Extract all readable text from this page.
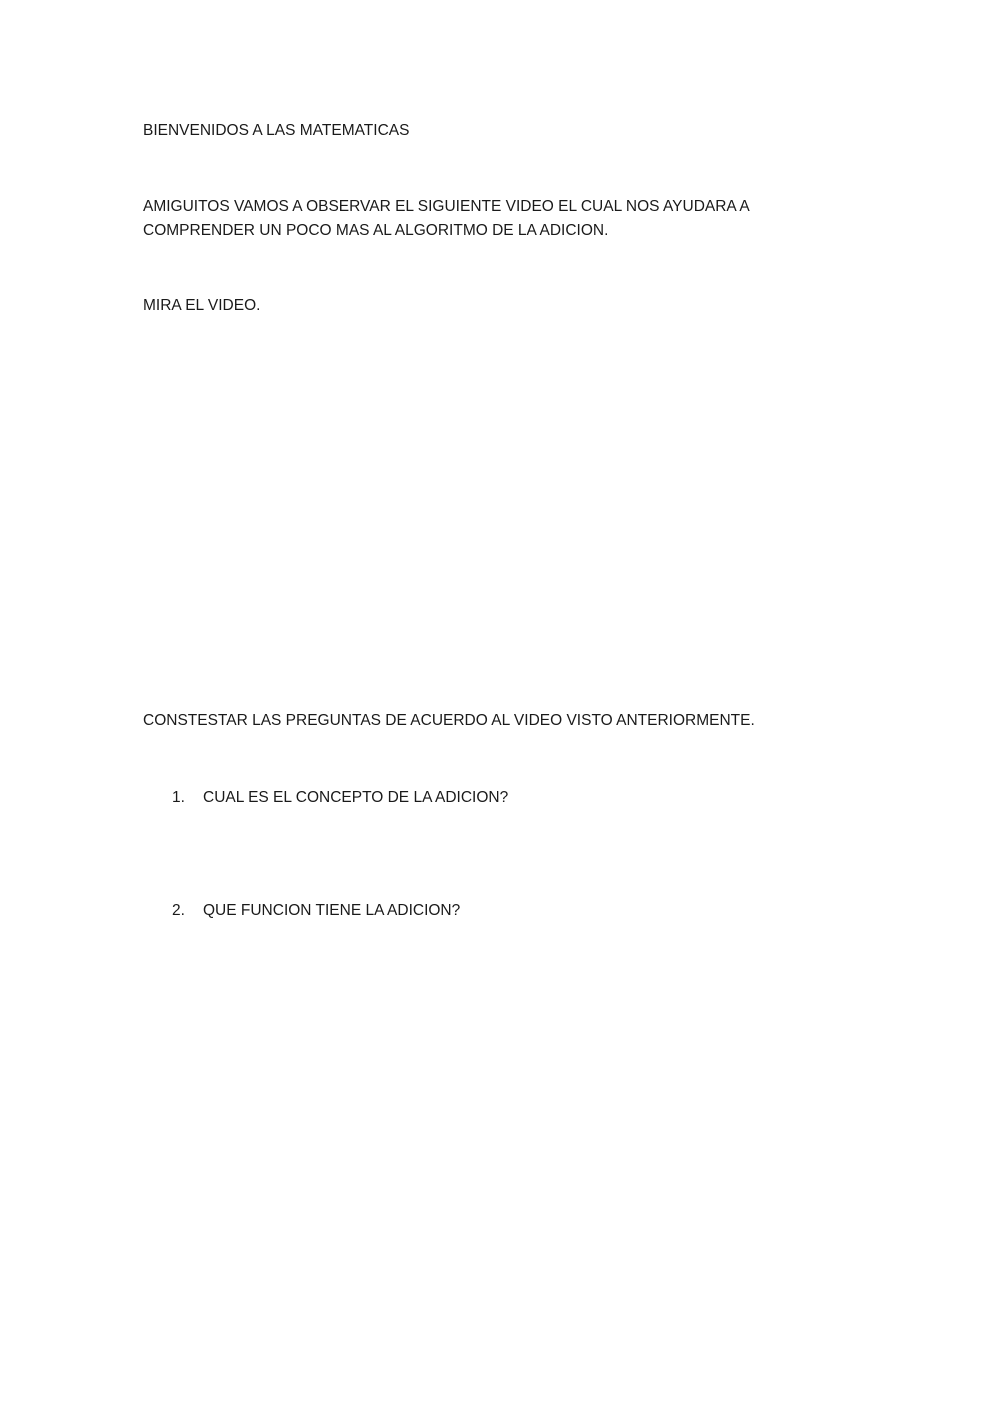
BIENVENIDOS A LAS MATEMATICAS
AMIGUITOS VAMOS A OBSERVAR EL SIGUIENTE VIDEO EL CUAL NOS AYUDARA A
COMPRENDER UN POCO MAS AL ALGORITMO DE LA ADICION.
MIRA EL VIDEO.
CONSTESTAR LAS PREGUNTAS DE ACUERDO AL VIDEO VISTO ANTERIORMENTE.
1. CUAL ES EL CONCEPTO DE LA ADICION?
2. QUE FUNCION TIENE LA ADICION?
